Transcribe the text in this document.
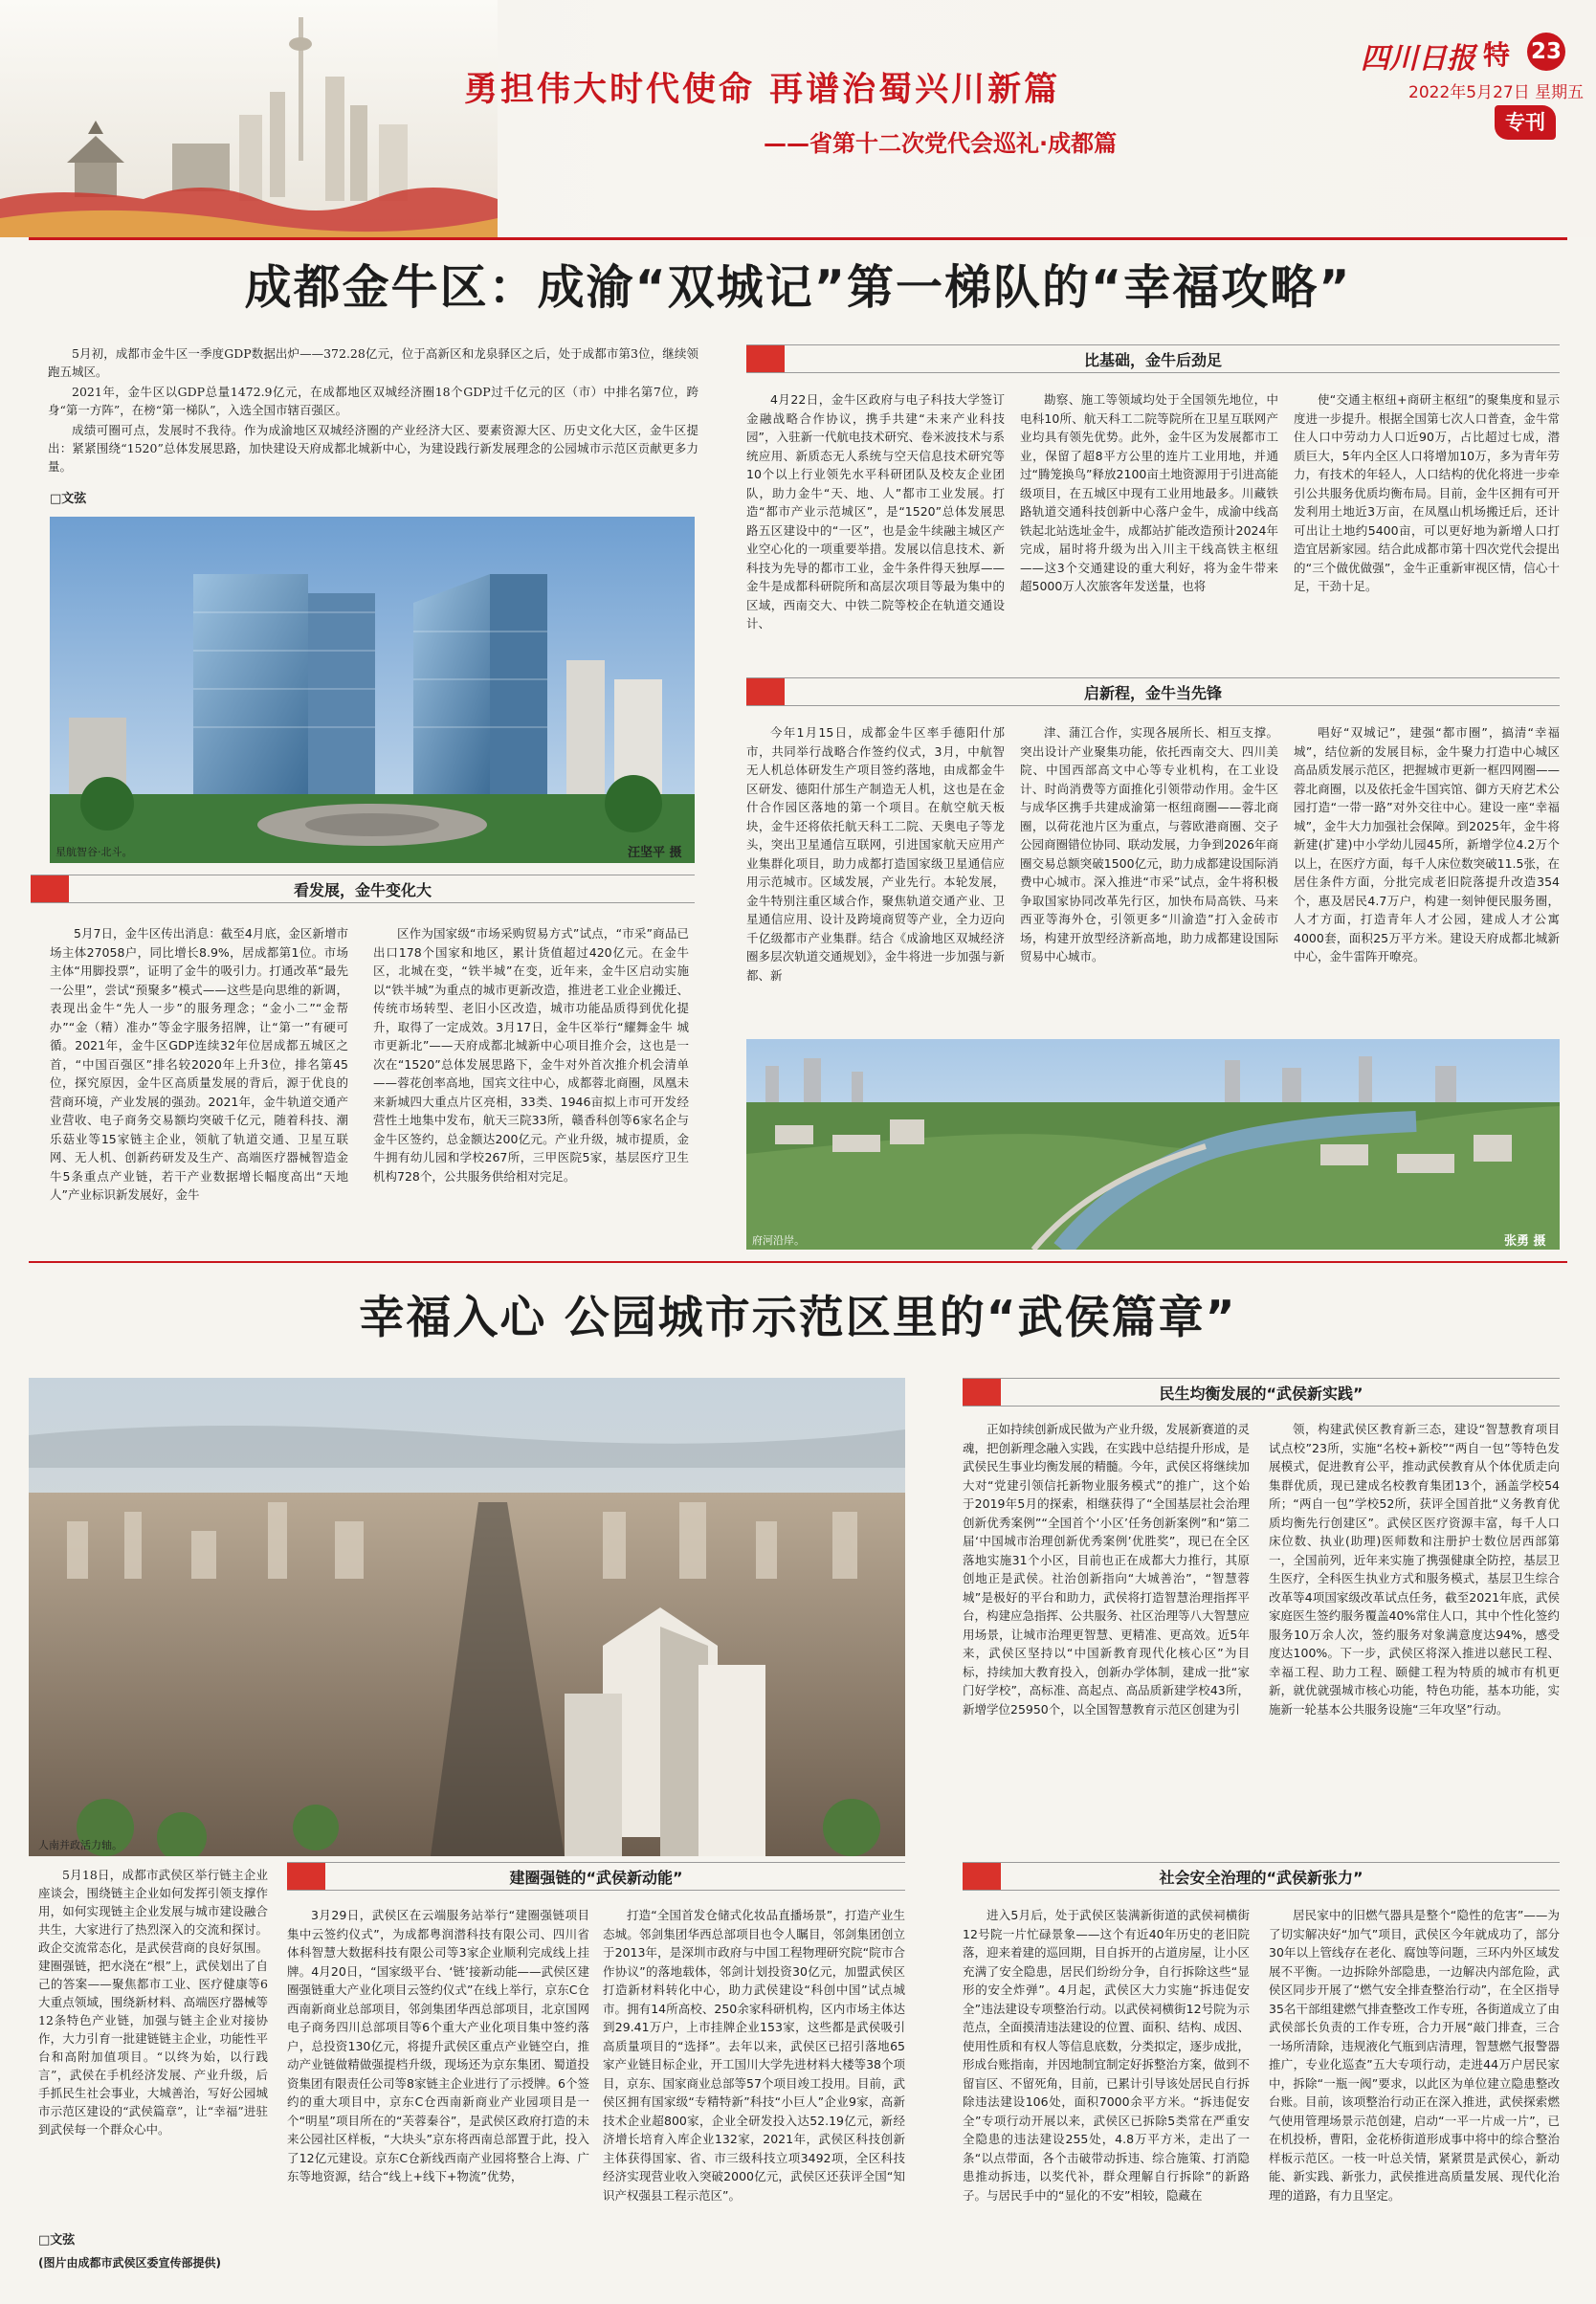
勇担伟大时代使命 再谱治蜀兴川新篇
——省第十二次党代会巡礼·成都篇
四川日报 特 23
2022年5月27日 星期五
专刊
成都金牛区：成渝“双城记”第一梯队的“幸福攻略”

5月初，成都市金牛区一季度GDP数据出炉——372.28亿元，位于高新区和龙泉驿区之后，处于成都市第3位，继续领跑五城区。

2021年，金牛区以GDP总量1472.9亿元，在成都地区双城经济圈18个GDP过千亿元的区（市）中排名第7位，跨身“第一方阵”，在榜“第一梯队”，入选全国市辖百强区。

成绩可圈可点，发展时不我待。作为成渝地区双城经济圈的产业经济大区、要素资源大区、历史文化大区，金牛区提出：紧紧围绕“1520”总体发展思路，加快建设天府成都北城新中心，为建设践行新发展理念的公园城市示范区贡献更多力量。

□文弦
星航智谷·北斗。	汪坚平 摄
看发展，金牛变化大
5月7日，金牛区传出消息：截至4月底，金区新增市场主体27058户，同比增长8.9%，居成都第1位。市场主体“用脚投票”，证明了金牛的吸引力。打通改革“最先一公里”，尝试“预聚多”模式——这些是向思维的新调，表现出金牛“先人一步”的服务理念；“金小二”“金帮办”“金（精）准办”等金字服务招牌，让“第一”有硬可循。2021年，金牛区GDP连续32年位居成都五城区之首，“中国百强区”排名较2020年上升3位，排名第45位，探究原因，金牛区高质量发展的背后，源于优良的营商环境，产业发展的强劲。2021年，金牛轨道交通产业营收、电子商务交易额均突破千亿元，随着科技、潮乐菇业等15家链主企业，领航了轨道交通、卫星互联网、无人机、创新药研发及生产、高端医疗器械智造金牛5条重点产业链，若干产业数据增长幅度高出“天地人”产业标识新发展好，金牛
区作为国家级“市场采购贸易方式”试点，“市采”商品已出口178个国家和地区，累计货值超过420亿元。在金牛区，北城在变，“铁半城”在变，近年来，金牛区启动实施以“铁半城”为重点的城市更新改造，推进老工业企业搬迁、传统市场转型、老旧小区改造，城市功能品质得到优化提升，取得了一定成效。3月17日，金牛区举行“耀舞金牛 城市更新北”——天府成都北城新中心项目推介会，这也是一次在“1520”总体发展思路下，金牛对外首次推介机会清单——蓉花创率高地，国宾文往中心，成都蓉北商圈，凤凰未来新城四大重点片区亮相，33类、1946亩拟上市可开发经营性土地集中发布，航天三院33所，赣香科创等6家名企与金牛区签约，总金额达200亿元。产业升级，城市提质，金牛拥有幼儿园和学校267所，三甲医院5家，基层医疗卫生机构728个，公共服务供给相对完足。
比基础，金牛后劲足
4月22日，金牛区政府与电子科技大学签订金融战略合作协议，携手共建“未来产业科技园”，入驻新一代航电技术研究、卷米波技术与系统应用、新质态无人系统与空天信息技术研究等10个以上行业领先水平科研团队及校友企业团队，助力金牛“天、地、人”都市工业发展。打造“都市产业示范城区”，是“1520”总体发展思路五区建设中的“一区”，也是金牛续融主城区产业空心化的一项重要举措。发展以信息技术、新科技为先导的都市工业，金牛条件得天独厚——金牛是成都科研院所和高层次项目等最为集中的区域，西南交大、中铁二院等校企在轨道交通设计、
勘察、施工等领域均处于全国领先地位，中电科10所、航天科工二院等院所在卫星互联网产业均具有领先优势。此外，金牛区为发展都市工业，保留了超8平方公里的连片工业用地，并通过“腾笼换鸟”释放2100亩土地资源用于引进高能级项目，在五城区中现有工业用地最多。川藏铁路轨道交通科技创新中心落户金牛，成渝中线高铁起北站选址金牛，成都站扩能改造预计2024年完成，届时将升级为出入川主干线高铁主枢纽——这3个交通建设的重大利好，将为金牛带来超5000万人次旅客年发送量，也将
使“交通主枢纽+商研主枢纽”的聚集度和显示度进一步提升。根据全国第七次人口普查，金牛常住人口中劳动力人口近90万，占比超过七成，潜质巨大，5年内全区人口将增加10万，多为青年劳力，有技术的年轻人，人口结构的优化将进一步牵引公共服务优质均衡布局。目前，金牛区拥有可开发利用土地近3万亩，在凤凰山机场搬迁后，还计可出让土地约5400亩，可以更好地为新增人口打造宜居新家园。结合此成都市第十四次党代会提出的“三个做优做强”，金牛正重新审视区情，信心十足，干劲十足。
启新程，金牛当先锋
今年1月15日，成都金牛区率手德阳什邡市，共同举行战略合作签约仪式，3月，中航智无人机总体研发生产项目签约落地，由成都金牛区研发、德阳什邡生产制造无人机，这也是在金什合作园区落地的第一个项目。在航空航天板块，金牛还将依托航天科工二院、天奥电子等龙头，突出卫星通信互联网，引进国家航天应用产业集群化项目，助力成都打造国家级卫星通信应用示范城市。区域发展，产业先行。本轮发展，金牛特别注重区域合作，聚焦轨道交通产业、卫星通信应用、设计及跨境商贸等产业，全力迈向千亿级都市产业集群。结合《成渝地区双城经济圈多层次轨道交通规划》，金牛将进一步加强与新都、新
津、蒲江合作，实现各展所长、相互支撑。突出设计产业聚集功能，依托西南交大、四川美院、中国西部高文中心等专业机构，在工业设计、时尚消费等方面推化引领带动作用。金牛区与成华区携手共建成渝第一枢纽商圈——蓉北商圈，以荷花池片区为重点，与蓉欧港商圈、交子公园商圈错位协同、联动发展，力争到2026年商圈交易总额突破1500亿元，助力成都建设国际消费中心城市。深入推进“市采”试点，金牛将积极争取国家协同改革先行区，加快布局高铁、马来西亚等海外仓，引领更多“川渝造”打入金砖市场，构建开放型经济新高地，助力成都建设国际贸易中心城市。
唱好“双城记”，建强“都市圈”，搞清“幸福城”，结位新的发展目标，金牛聚力打造中心城区高品质发展示范区，把握城市更新一框四网圈——蓉北商圈，以及依托金牛国宾馆、御方天府艺术公园打造“一带一路”对外交往中心。建设一座“幸福城”，金牛大力加强社会保障。到2025年，金牛将新建(扩建)中小学幼儿园45所，新增学位4.2万个以上，在医疗方面，每千人床位数突破11.5张，在居住条件方面，分批完成老旧院落提升改造354个，惠及居民4.7万户，构建一刻钟便民服务圈，人才方面，打造青年人才公园，建成人才公寓4000套，面积25万平方米。建设天府成都北城新中心，金牛雷阵开嘹亮。
府河沿岸。	张勇 摄
幸福入心 公园城市示范区里的“武侯篇章”
人南并政活力轴。
民生均衡发展的“武侯新实践”
正如持续创新成民做为产业升级，发展新赛道的灵魂，把创新理念融入实践，在实践中总结提升形成，是武侯民生事业均衡发展的精髓。今年，武侯区将继续加大对“党建引领信托新物业服务模式”的推广，这个始于2019年5月的探索，相继获得了“全国基层社会治理创新优秀案例”“全国首个‘小区’任务创新案例”和“第二届‘中国城市治理创新优秀案例’优胜奖”，现已在全区落地实施31个小区，目前也正在成都大力推行，其原创地正是武侯。社治创新指向“大城善治”，“智慧蓉城”是极好的平台和助力，武侯将打造智慧治理指挥平台，构建应急指挥、公共服务、社区治理等八大智慧应用场景，让城市治理更智慧、更精准、更高效。近5年来，武侯区坚持以“中国新教育现代化核心区”为目标，持续加大教育投入，创新办学体制，建成一批“家门好学校”，高标准、高起点、高品质新建学校43所，新增学位25950个，以全国智慧教育示范区创建为引
领，构建武侯区教育新三态，建设“智慧教育项目试点校”23所，实施“名校+新校”“两自一包”等特色发展模式，促进教育公平，推动武侯教育从个体优质走向集群优质，现已建成名校教育集团13个，涵盖学校54所；“两自一包”学校52所，获评全国首批“义务教育优质均衡先行创建区”。武侯区医疗资源丰富，每千人口床位数、执业(助理)医师数和注册护士数位居西部第一，全国前列，近年来实施了携强健康全防控，基层卫生医疗，全科医生执业方式和服务模式，基层卫生综合改革等4项国家级改革试点任务，截至2021年底，武侯家庭医生签约服务覆盖40%常住人口，其中个性化签约服务10万余人次，签约服务对象满意度达94%，感受度达100%。下一步，武侯区将深入推进以慈民工程、幸福工程、助力工程、颐健工程为特质的城市有机更新，就优就强城市核心功能，特色功能，基本功能，实施新一轮基本公共服务设施“三年攻坚”行动。
建圈强链的“武侯新动能”	社会安全治理的“武侯新张力”
5月18日，成都市武侯区举行链主企业座谈会，围绕链主企业如何发挥引领支撑作用，如何实现链主企业发展与城市建设融合共生，大家进行了热烈深入的交流和探讨。政企交流常态化，是武侯营商的良好氛围。建圈强链，把水浇在“根”上，武侯划出了自己的答案——聚焦都市工业、医疗健康等6大重点领域，围绕新材料、高端医疗器械等12条特色产业链，加强与链主企业对接协作，大力引育一批建链链主企业，功能性平台和高附加值项目。“以终为始，以行践言”，武侯在手机经济发展、产业升级，后手抓民生社会事业，大城善治，写好公园城市示范区建设的“武侯篇章”，让“幸福”进驻到武侯每一个群众心中。
□文弦
(图片由成都市武侯区委宣传部提供)
3月29日，武侯区在云端服务站举行“建圈强链项目集中云签约仪式”，为成都粤润潜科技有限公司、四川省体科智慧大数据科技有限公司等3家企业顺利完成线上挂牌。4月20日，“国家级平台、‘链’接新动能——武侯区建圈强链重大产业化项目云签约仪式”在线上举行，京东C仓西南新商业总部项目，邻剑集团华西总部项目，北京国网电子商务四川总部项目等6个重大产业化项目集中签约落户，总投资130亿元，将提升武侯区重点产业链空白，推动产业链做精做强提档升级，现场还为京东集团、蜀道投资集团有限责任公司等8家链主企业进行了示授牌。6个签约的重大项目中，京东C仓西南新商业产业园项目是一个“明星”项目所在的“芙蓉秦谷”，是武侯区政府打造的未来公园社区样板，“大块头”京东将西南总部置于此，投入了12亿元建设。京东C仓新线西南产业园将整合上海、广东等地资源，结合“线上+线下+物流”优势，
打造“全国首发仓储式化妆品直播场景”，打造产业生态城。邻剑集团华西总部项目也令人瞩目，邻剑集团创立于2013年，是深圳市政府与中国工程物理研究院“院市合作协议”的落地载体，邻剑计划投资30亿元，加盟武侯区打造新材料转化中心，助力武侯建设“科创中国”试点城市。拥有14所高校、250余家科研机构，区内市场主体达到29.41万户，上市挂牌企业153家，这些都是武侯吸引高质量项目的“选择”。去年以来，武侯区已招引落地65家产业链目标企业，开工国川大学先进材料大楼等38个项目，京东、国家商业总部等57个项目竣工投用。目前，武侯区拥有国家级“专精特新”科技“小巨人”企业9家，高新技术企业超800家，企业全研发投入达52.19亿元，新经济增长培育入库企业132家，2021年，武侯区科技创新主体获得国家、省、市三级科技立项3492项，全区科技经济实现营业收入突破2000亿元，武侯区还获评全国“知识产权强县工程示范区”。
进入5月后，处于武侯区装满新街道的武侯祠横街12号院一片忙碌景象——这个有近40年历史的老旧院落，迎来着建的巡回期，目自拆开的占道房屋，让小区充满了安全隐患，居民们纷纷分争，自行拆除这些“显形的安全炸弹”。4月起，武侯区大力实施“拆违促安全”违法建设专项整治行动。以武侯祠横街12号院为示范点，全面摸清违法建设的位置、面积、结构、成因、使用性质和有权人等信息底数，分类拟定，逐步成批，形成台账指南，并因地制宜制定好拆整治方案，做到不留盲区、不留死角，目前，已累计引导该处居民自行拆除违法建设106处，面积7000余平方米。“拆违促安全”专项行动开展以来，武侯区已拆除5类常在严重安全隐患的违法建设255处，4.8万平方米，走出了一条“以点带面，各个击破带动拆违、综合施策、打消隐患推动拆违，以奖代补，群众理解自行拆除”的新路子。与居民手中的“显化的不安”相较，隐藏在
居民家中的旧燃气器具是整个“隐性的危害”——为了切实解决好“加气”项目，武侯区今年就成功了，部分30年以上管线存在老化、腐蚀等问题，三环内外区域发展不平衡。一边拆除外部隐患，一边解决内部危险，武侯区同步开展了“燃气安全排查整治行动”，在全区指导35名干部组建燃气排查整改工作专班，各街道成立了由武侯部长负责的工作专班，合力开展“敲门排查，三合一场所清除，违规液化气瓶到店清理，智慧燃气报警器推广，专业化巡查”五大专项行动，走进44万户居民家中，拆除“一瓶一阀”要求，以此区为单位建立隐患整改台账。目前，该项整治行动正在深入推进，武侯探索燃气使用管理场景示范创建，启动“一平一片成一片”，已在机投桥，曹阳，金花桥街道形成事中将中的综合整治样板示范区。一枝一叶总关情，紧紧贯是武侯心，新动能、新实践、新张力，武侯推进高质量发展、现代化治理的道路，有力且坚定。
